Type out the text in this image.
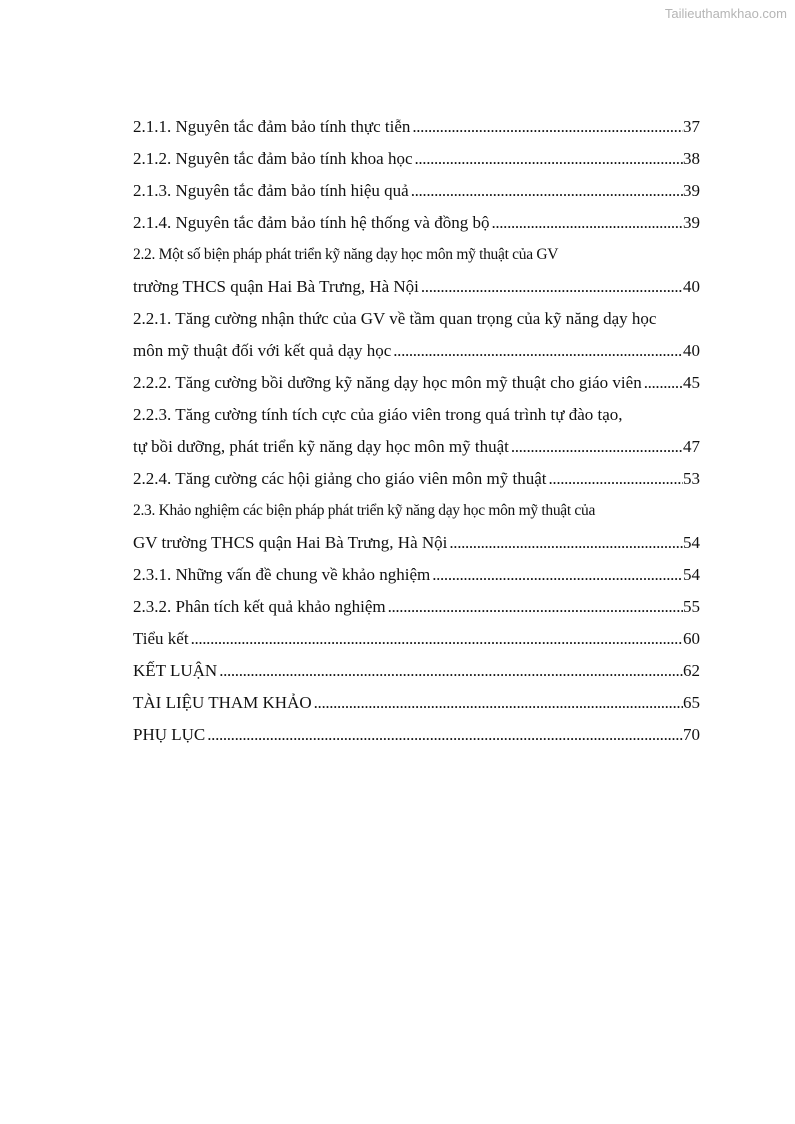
Tailieuthamkhao.com
2.1.1. Nguyên tắc đảm bảo tính thực tiễn . . .	37
2.1.2. Nguyên tắc đảm bảo tính khoa học . . .	38
2.1.3. Nguyên tắc đảm bảo tính hiệu quả . . .	39
2.1.4. Nguyên tắc đảm bảo tính hệ thống và đồng bộ . . .	39
2.2. Một số biện pháp phát triển kỹ năng dạy học môn mỹ thuật của GV
trường THCS quận Hai Bà Trưng, Hà Nội . . .	40
2.2.1. Tăng cường nhận thức của GV về tầm quan trọng của kỹ năng dạy học
môn mỹ thuật đối với kết quả dạy học . . .	40
2.2.2. Tăng cường bồi dưỡng kỹ năng dạy học môn mỹ thuật cho giáo viên . . . 45
2.2.3. Tăng cường tính tích cực của giáo viên trong quá trình tự đào tạo,
tự bồi dưỡng, phát triển kỹ năng dạy học môn mỹ thuật . . .	47
2.2.4. Tăng cường các hội giảng cho giáo viên môn mỹ thuật . . .	53
2.3. Khảo nghiệm các biện pháp phát triển kỹ năng dạy học môn mỹ thuật của
GV trường THCS quận Hai Bà Trưng, Hà Nội . . .	54
2.3.1. Những vấn đề chung về khảo nghiệm . . .	54
2.3.2. Phân tích kết quả khảo nghiệm . . .	55
Tiểu kết . . .	60
KẾT LUẬN . . .	62
TÀI LIỆU THAM KHẢO . . .	65
PHỤ LỤC . . .	70
